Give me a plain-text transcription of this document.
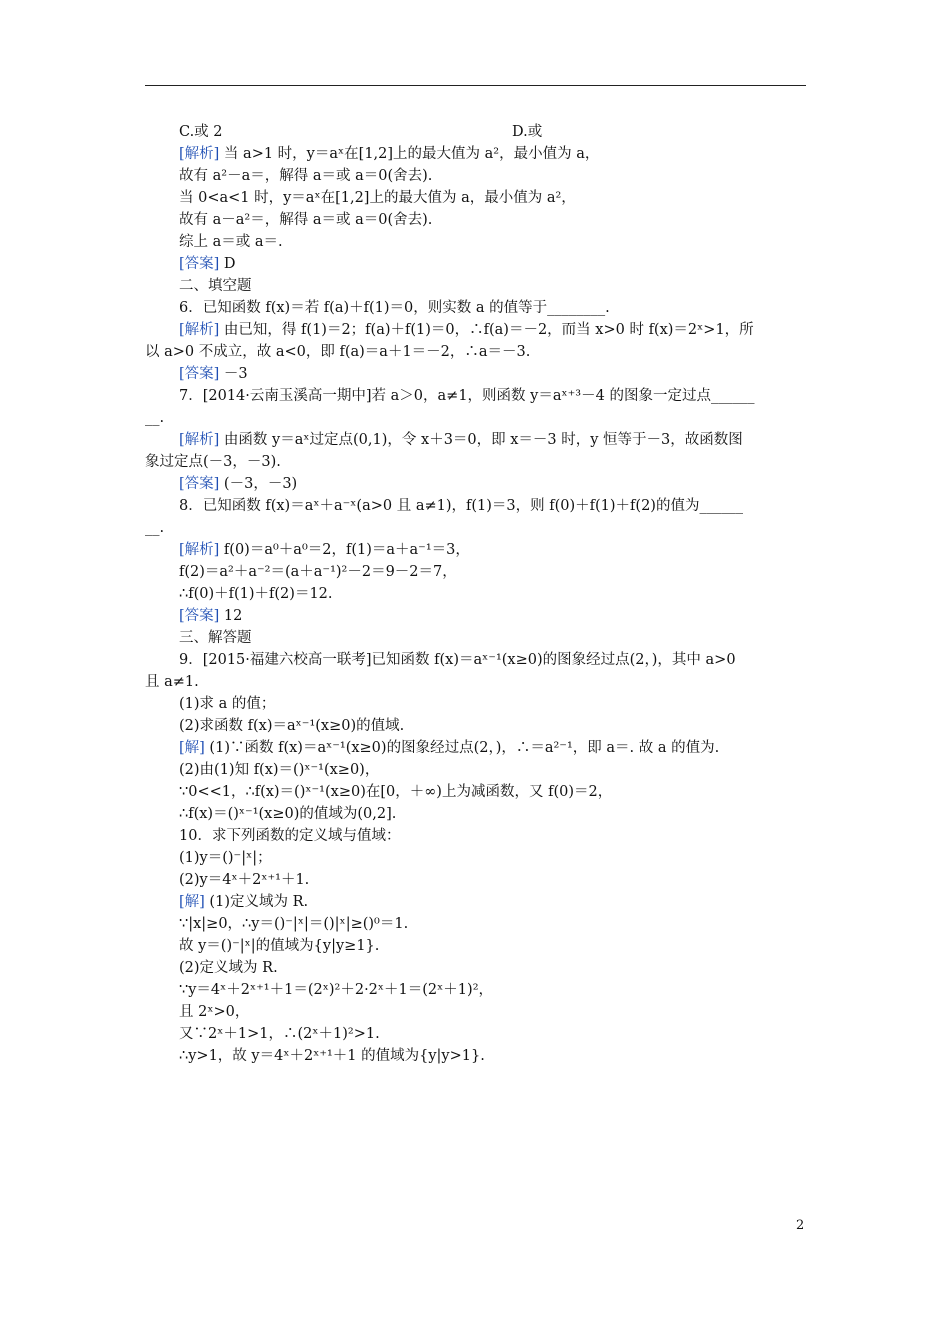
C.或 2	D.或
[解析] 当 a>1 时，y＝aˣ在[1,2]上的最大值为 a²，最小值为 a，
故有 a²－a＝，解得 a＝或 a＝0(舍去).
当 0<a<1 时，y＝aˣ在[1,2]上的最大值为 a，最小值为 a²，
故有 a－a²＝，解得 a＝或 a＝0(舍去).
综上 a＝或 a＝.
[答案] D
二、填空题
6．已知函数 f(x)＝若 f(a)＋f(1)＝0，则实数 a 的值等于________.
[解析] 由已知，得 f(1)＝2；f(a)＋f(1)＝0，∴f(a)＝－2，而当 x>0 时 f(x)＝2ˣ>1，所
以 a>0 不成立，故 a<0，即 f(a)＝a＋1＝－2，∴a＝－3.
[答案] －3
7．[2014·云南玉溪高一期中]若 a＞0，a≠1，则函数 y＝aˣ⁺³－4 的图象一定过点______
__.
[解析] 由函数 y＝aˣ过定点(0,1)，令 x＋3＝0，即 x＝－3 时，y 恒等于－3，故函数图
象过定点(－3，－3).
[答案] (－3，－3)
8．已知函数 f(x)＝aˣ＋a⁻ˣ(a>0 且 a≠1)，f(1)＝3，则 f(0)＋f(1)＋f(2)的值为______
__.
[解析] f(0)＝a⁰＋a⁰＝2，f(1)＝a＋a⁻¹＝3，
f(2)＝a²＋a⁻²＝(a＋a⁻¹)²－2＝9－2＝7，
∴f(0)＋f(1)＋f(2)＝12.
[答案] 12
三、解答题
9．[2015·福建六校高一联考]已知函数 f(x)＝aˣ⁻¹(x≥0)的图象经过点(2，)，其中 a>0
且 a≠1.
(1)求 a 的值；
(2)求函数 f(x)＝aˣ⁻¹(x≥0)的值域.
[解] (1)∵函数 f(x)＝aˣ⁻¹(x≥0)的图象经过点(2，)，∴＝a²⁻¹，即 a＝. 故 a 的值为.
(2)由(1)知 f(x)＝()ˣ⁻¹(x≥0)，
∵0<<1，∴f(x)＝()ˣ⁻¹(x≥0)在[0，＋∞)上为减函数，又 f(0)＝2，
∴f(x)＝()ˣ⁻¹(x≥0)的值域为(0,2].
10．求下列函数的定义域与值域：
(1)y＝()⁻|ˣ|；
(2)y＝4ˣ＋2ˣ⁺¹＋1.
[解] (1)定义域为 R.
∵|x|≥0，∴y＝()⁻|ˣ|＝()|ˣ|≥()⁰＝1.
故 y＝()⁻|ˣ|的值域为{y|y≥1}.
(2)定义域为 R.
∵y＝4ˣ＋2ˣ⁺¹＋1＝(2ˣ)²＋2·2ˣ＋1＝(2ˣ＋1)²，
且 2ˣ>0，
又∵2ˣ＋1>1，∴(2ˣ＋1)²>1.
∴y>1，故 y＝4ˣ＋2ˣ⁺¹＋1 的值域为{y|y>1}.
2
